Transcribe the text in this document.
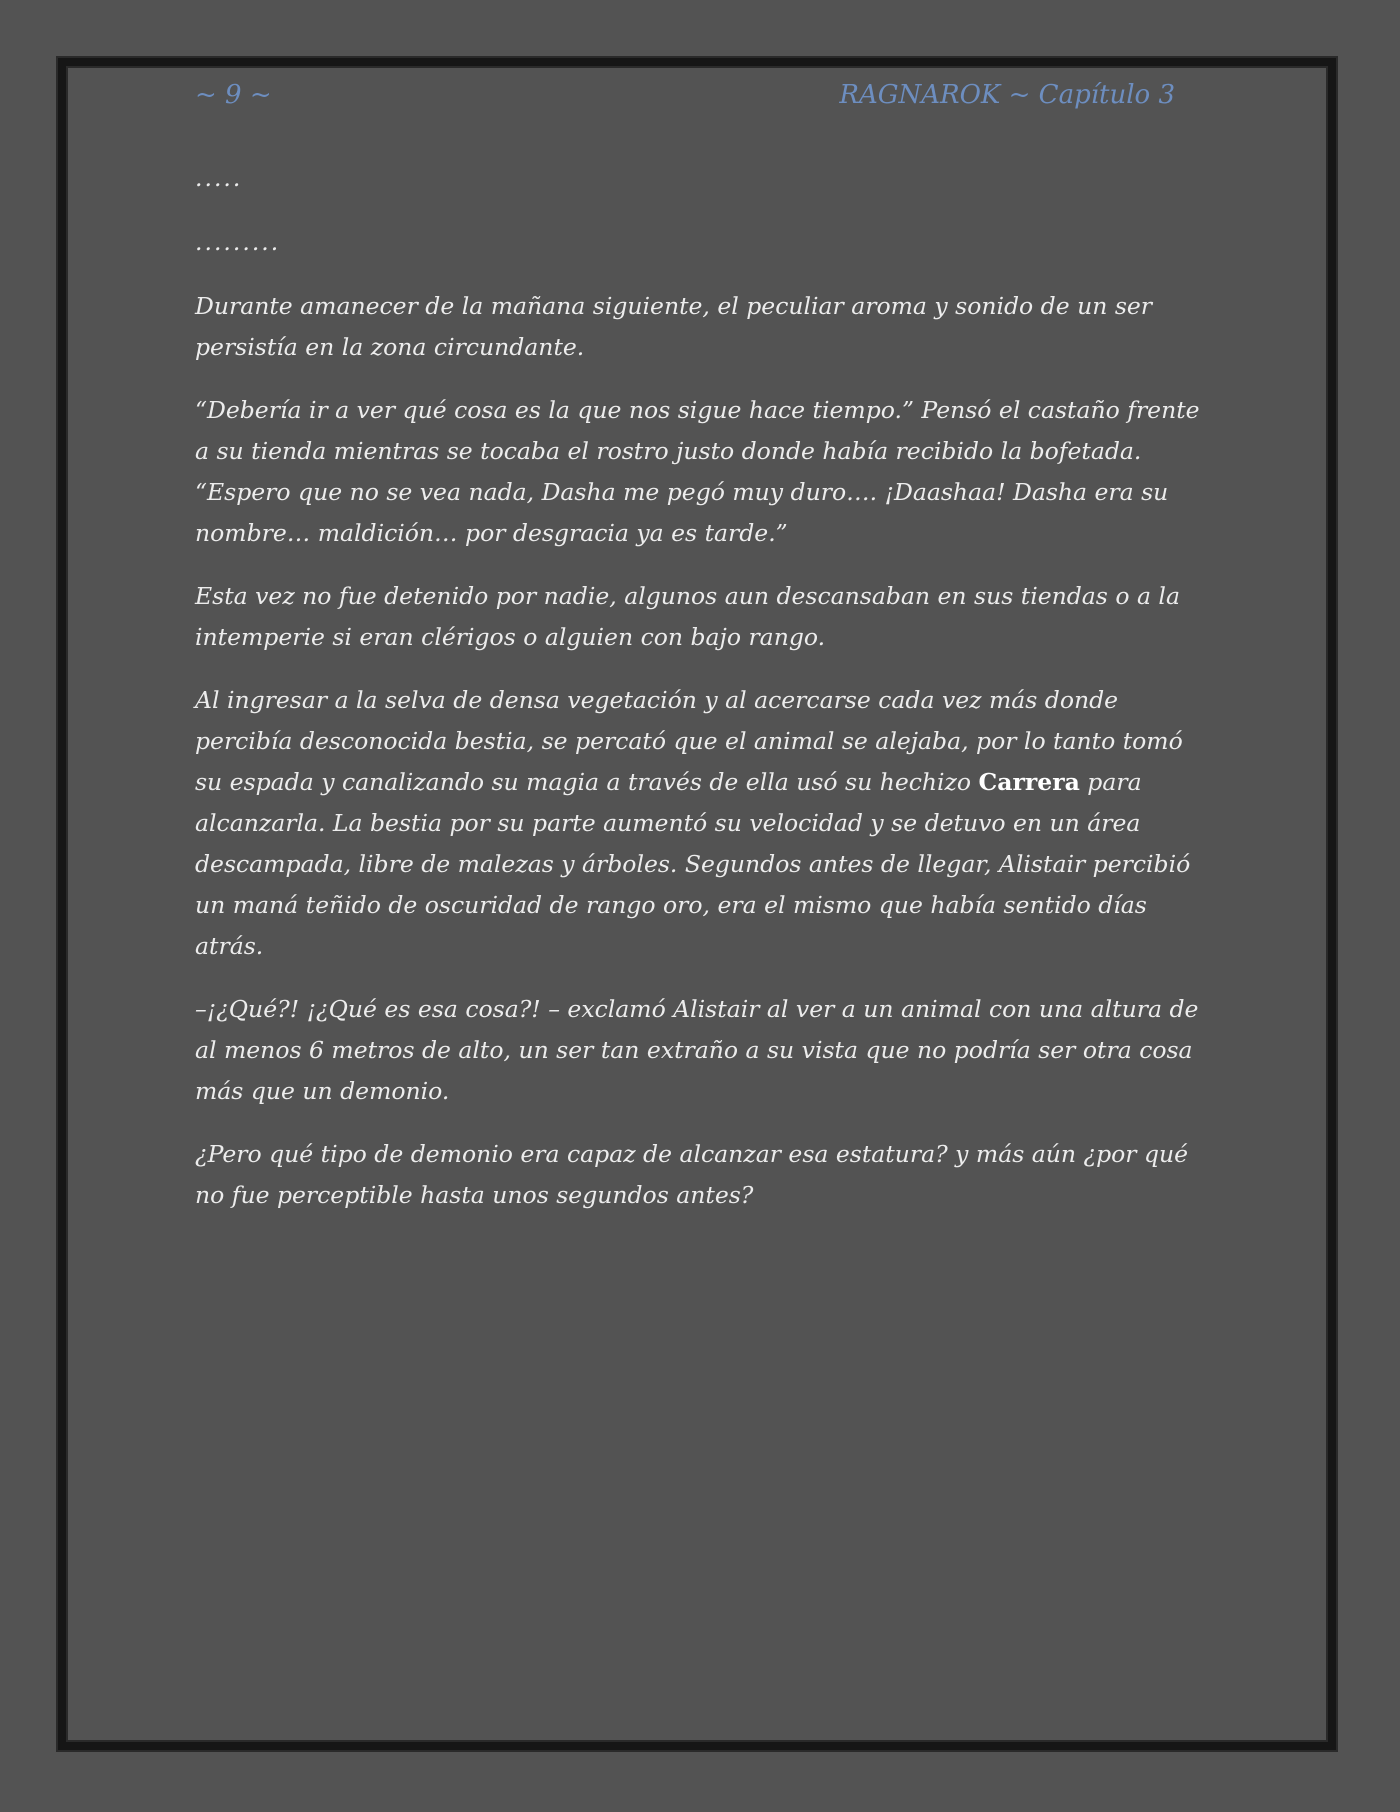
~ 9 ~	RAGNAROK ~ Capítulo 3

.....

.........

Durante amanecer de la mañana siguiente, el peculiar aroma y sonido de un ser persistía en la zona circundante.

“Debería ir a ver qué cosa es la que nos sigue hace tiempo.” Pensó el castaño frente a su tienda mientras se tocaba el rostro justo donde había recibido la bofetada. “Espero que no se vea nada, Dasha me pegó muy duro…. ¡Daashaa! Dasha era su nombre… maldición… por desgracia ya es tarde.”

Esta vez no fue detenido por nadie, algunos aun descansaban en sus tiendas o a la intemperie si eran clérigos o alguien con bajo rango.

Al ingresar a la selva de densa vegetación y al acercarse cada vez más donde percibía desconocida bestia, se percató que el animal se alejaba, por lo tanto tomó su espada y canalizando su magia a través de ella usó su hechizo Carrera para alcanzarla. La bestia por su parte aumentó su velocidad y se detuvo en un área descampada, libre de malezas y árboles. Segundos antes de llegar, Alistair percibió un maná teñido de oscuridad de rango oro, era el mismo que había sentido días atrás.

–¡¿Qué?! ¡¿Qué es esa cosa?! – exclamó Alistair al ver a un animal con una altura de al menos 6 metros de alto, un ser tan extraño a su vista que no podría ser otra cosa más que un demonio.

¿Pero qué tipo de demonio era capaz de alcanzar esa estatura? y más aún ¿por qué no fue perceptible hasta unos segundos antes?
